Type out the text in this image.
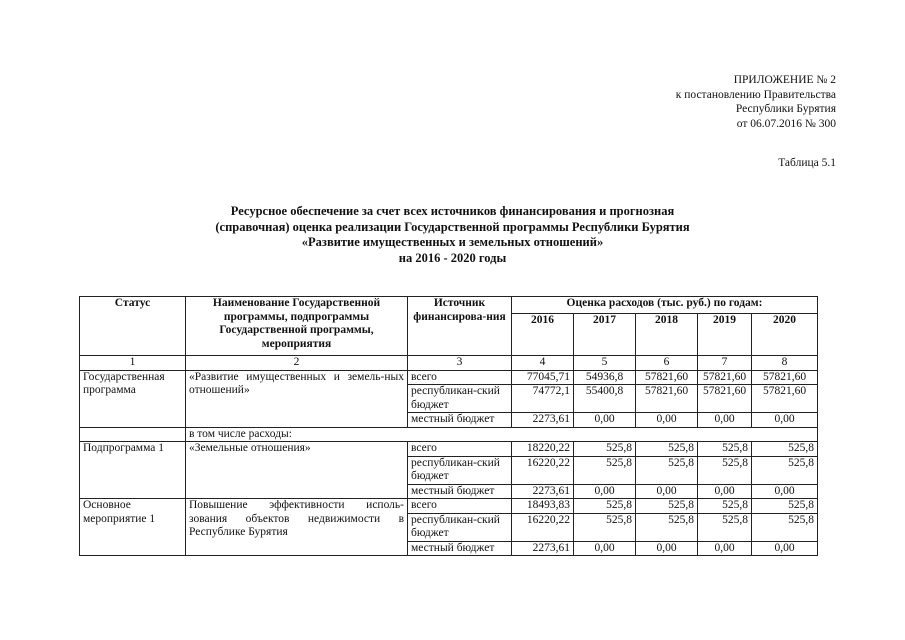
ПРИЛОЖЕНИЕ № 2
к постановлению Правительства
Республики Бурятия
от 06.07.2016 № 300
Таблица 5.1
Ресурсное обеспечение за счет всех источников финансирования и прогнозная
(справочная) оценка реализации Государственной программы Республики Бурятия
«Развитие имущественных и земельных отношений»
на 2016 - 2020 годы
Статус	Наименование Государственной программы, подпрограммы Государственной программы, мероприятия	Источник финансирова-ния	Оценка расходов (тыс. руб.) по годам:				
			2016	2017	2018	2019	2020
1	2	3	4	5	6	7	8
Государственная программа	«Развитие имущественных и земель-ных отношений»	всего	77045,71	54936,8	57821,60	57821,60	57821,60
		республикан-ский бюджет	74772,1	55400,8	57821,60	57821,60	57821,60
		местный бюджет	2273,61	0,00	0,00	0,00	0,00
	в том числе расходы:						
Подпрограмма 1	«Земельные отношения»	всего	18220,22	525,8	525,8	525,8	525,8
		республикан-ский бюджет	16220,22	525,8	525,8	525,8	525,8
		местный бюджет	2273,61	0,00	0,00	0,00	0,00
Основное мероприятие 1	Повышение эффективности исполь-зования объектов недвижимости в Республике Бурятия	всего	18493,83	525,8	525,8	525,8	525,8
		республикан-ский бюджет	16220,22	525,8	525,8	525,8	525,8
		местный бюджет	2273,61	0,00	0,00	0,00	0,00
